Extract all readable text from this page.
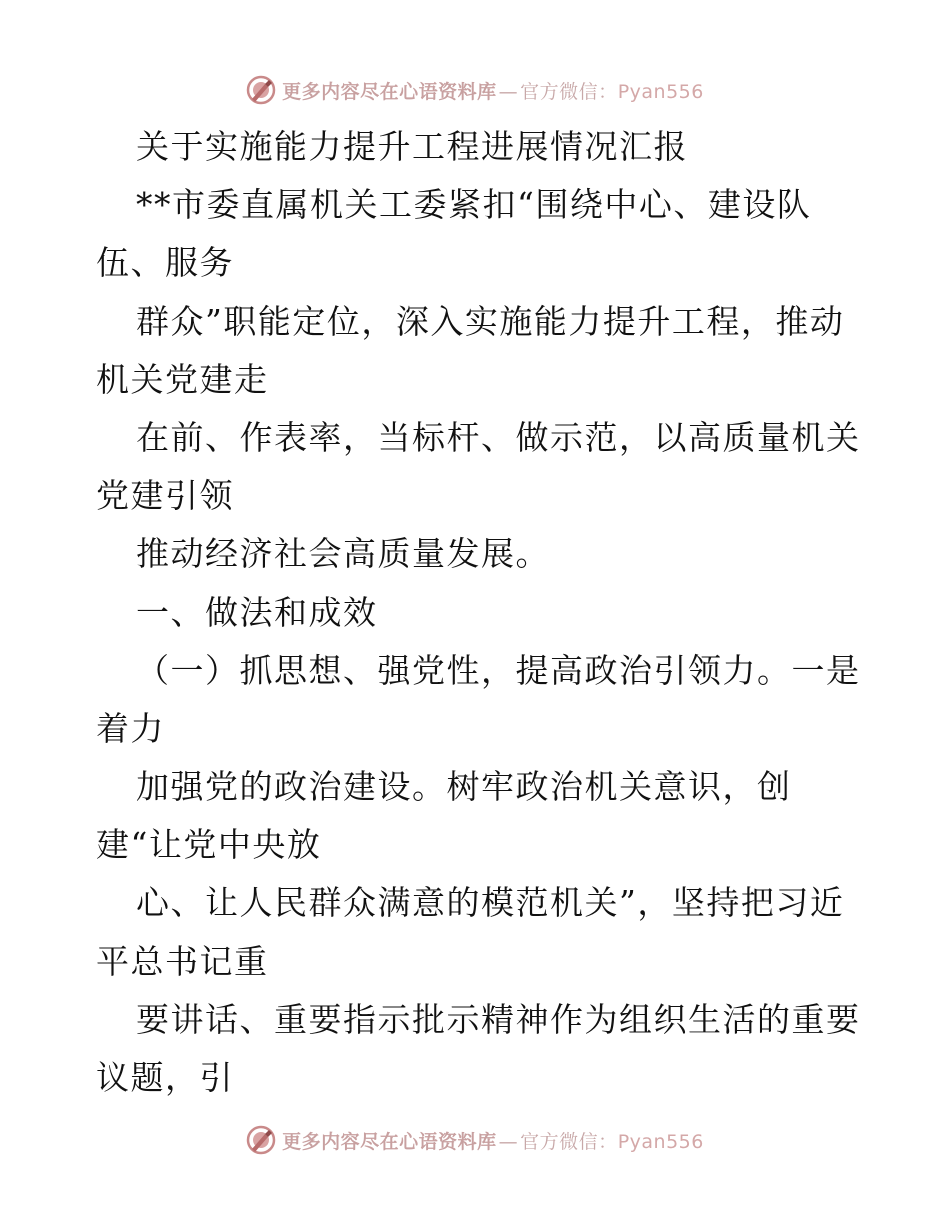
更多内容尽在心语资料库 — 官方微信：Pyan556
关于实施能力提升工程进展情况汇报
**市委直属机关工委紧扣“围绕中心、建设队
伍、服务
群众”职能定位，深入实施能力提升工程，推动
机关党建走
在前、作表率，当标杆、做示范，以高质量机关
党建引领
推动经济社会高质量发展。
一、做法和成效
（一）抓思想、强党性，提高政治引领力。一是
着力
加强党的政治建设。树牢政治机关意识，创
建“让党中央放
心、让人民群众满意的模范机关”，坚持把习近
平总书记重
要讲话、重要指示批示精神作为组织生活的重要
议题，引
更多内容尽在心语资料库 — 官方微信：Pyan556
